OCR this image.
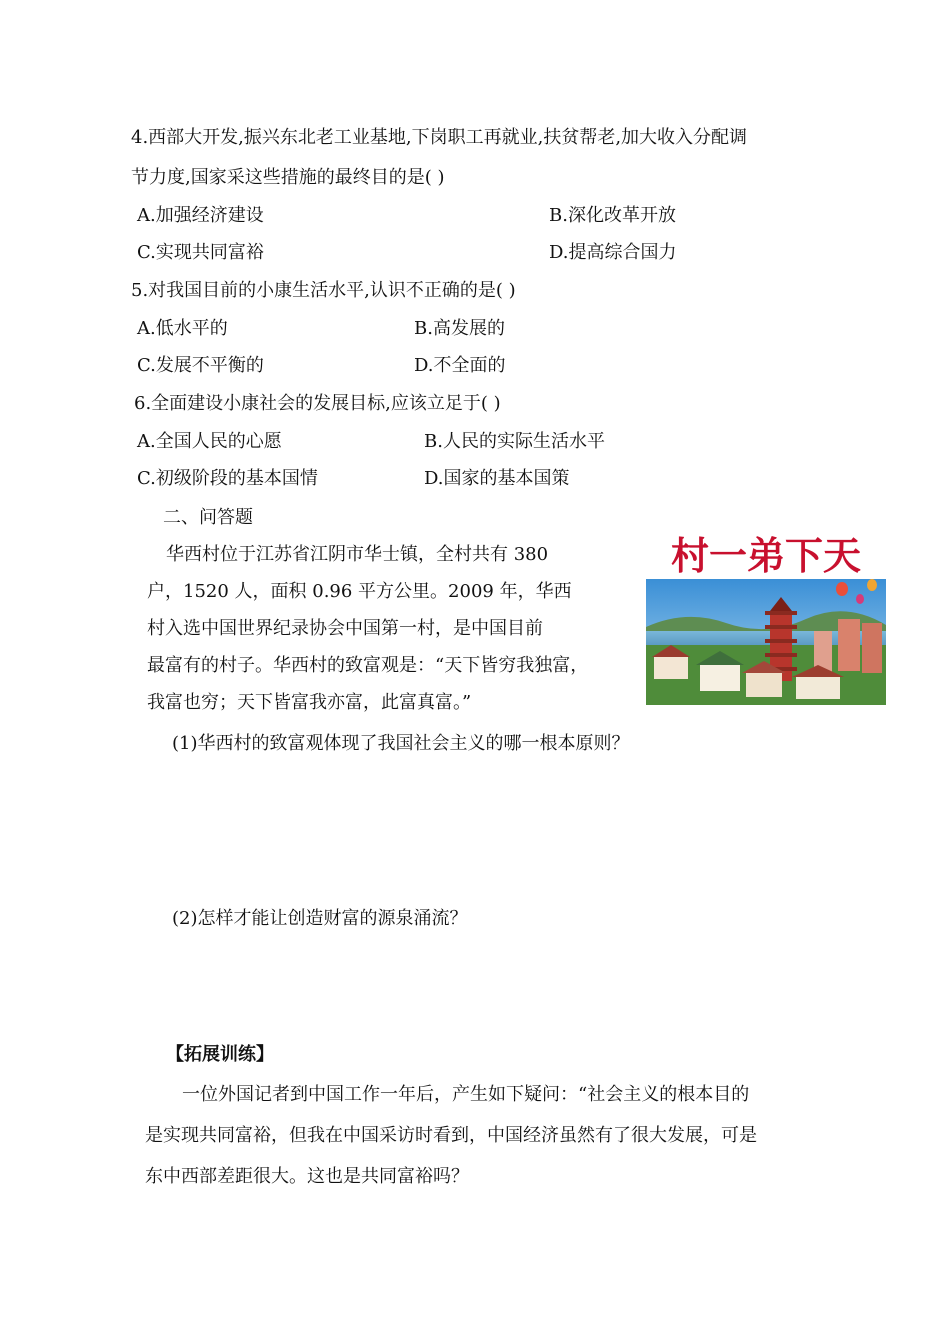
4.西部大开发,振兴东北老工业基地,下岗职工再就业,扶贫帮老,加大收入分配调
节力度,国家采这些措施的最终目的是( )
A.加强经济建设	B.深化改革开放
C.实现共同富裕	D.提高综合国力
5.对我国目前的小康生活水平,认识不正确的是( )
A.低水平的	B.高发展的
C.发展不平衡的	D.不全面的
6.全面建设小康社会的发展目标,应该立足于( )
A.全国人民的心愿	B.人民的实际生活水平
C.初级阶段的基本国情	D.国家的基本国策
二、问答题
华西村位于江苏省江阴市华士镇，全村共有 380
户，1520 人，面积 0.96 平方公里。2009 年，华西
村入选中国世界纪录协会中国第一村，是中国目前
最富有的村子。华西村的致富观是：“天下皆穷我独富，
我富也穷；天下皆富我亦富，此富真富。”
村一弟下天
(1)华西村的致富观体现了我国社会主义的哪一根本原则？
(2)怎样才能让创造财富的源泉涌流？
【拓展训练】
一位外国记者到中国工作一年后，产生如下疑问：“社会主义的根本目的
是实现共同富裕，但我在中国采访时看到，中国经济虽然有了很大发展，可是
东中西部差距很大。这也是共同富裕吗？
